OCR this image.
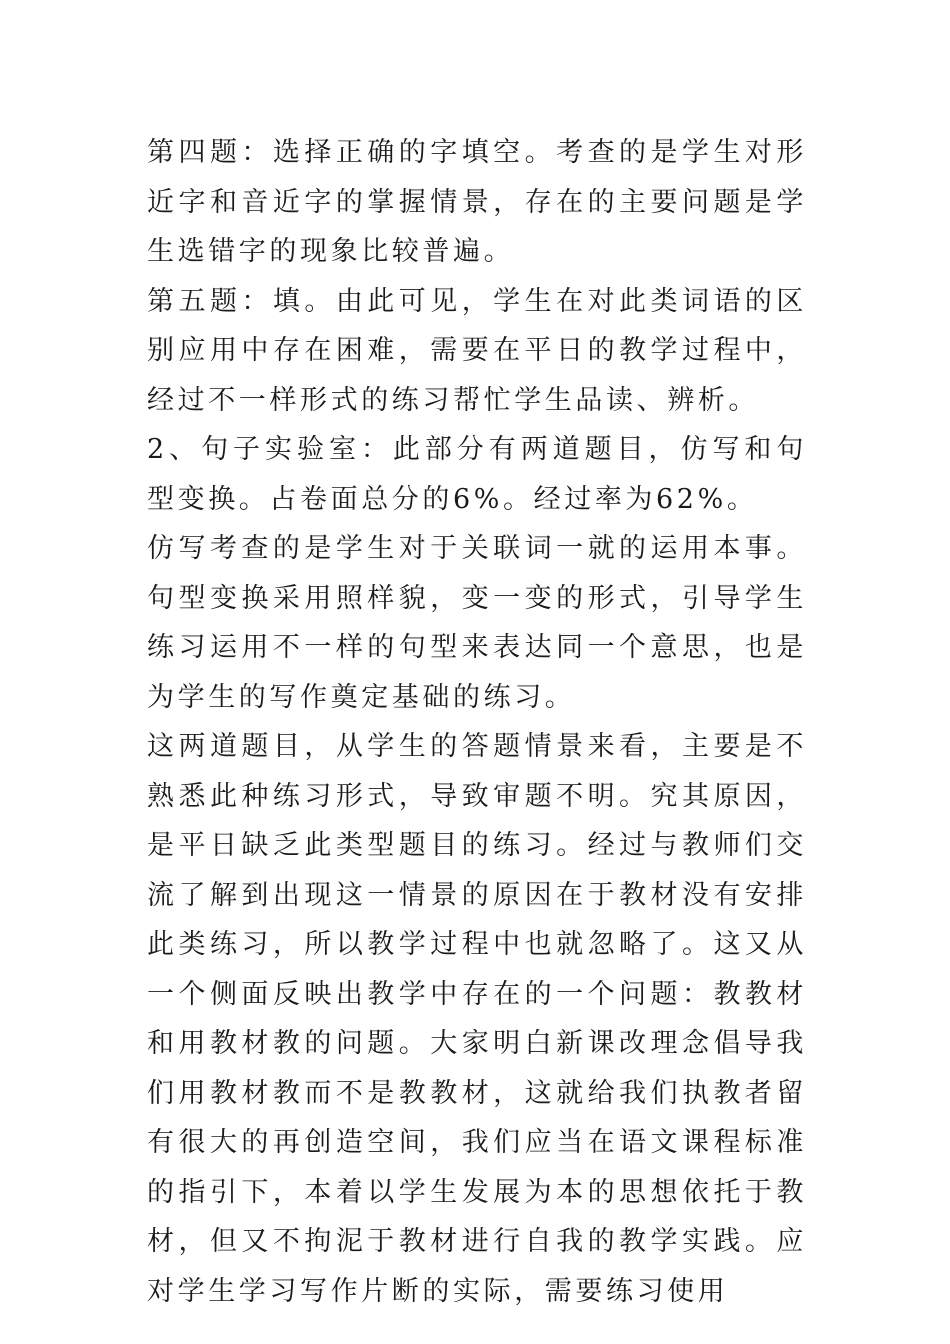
第四题：选择正确的字填空。考查的是学生对形近字和音近字的掌握情景，存在的主要问题是学生选错字的现象比较普遍。

第五题：填。由此可见，学生在对此类词语的区别应用中存在困难，需要在平日的教学过程中，经过不一样形式的练习帮忙学生品读、辨析。

2、句子实验室：此部分有两道题目，仿写和句型变换。占卷面总分的6%。经过率为62%。

仿写考查的是学生对于关联词一就的运用本事。句型变换采用照样貌，变一变的形式，引导学生练习运用不一样的句型来表达同一个意思，也是为学生的写作奠定基础的练习。

这两道题目，从学生的答题情景来看，主要是不熟悉此种练习形式，导致审题不明。究其原因，是平日缺乏此类型题目的练习。经过与教师们交流了解到出现这一情景的原因在于教材没有安排此类练习，所以教学过程中也就忽略了。这又从一个侧面反映出教学中存在的一个问题：教教材和用教材教的问题。大家明白新课改理念倡导我们用教材教而不是教教材，这就给我们执教者留有很大的再创造空间，我们应当在语文课程标准的指引下，本着以学生发展为本的思想依托于教材，但又不拘泥于教材进行自我的教学实践。应对学生学习写作片断的实际，需要练习使用
